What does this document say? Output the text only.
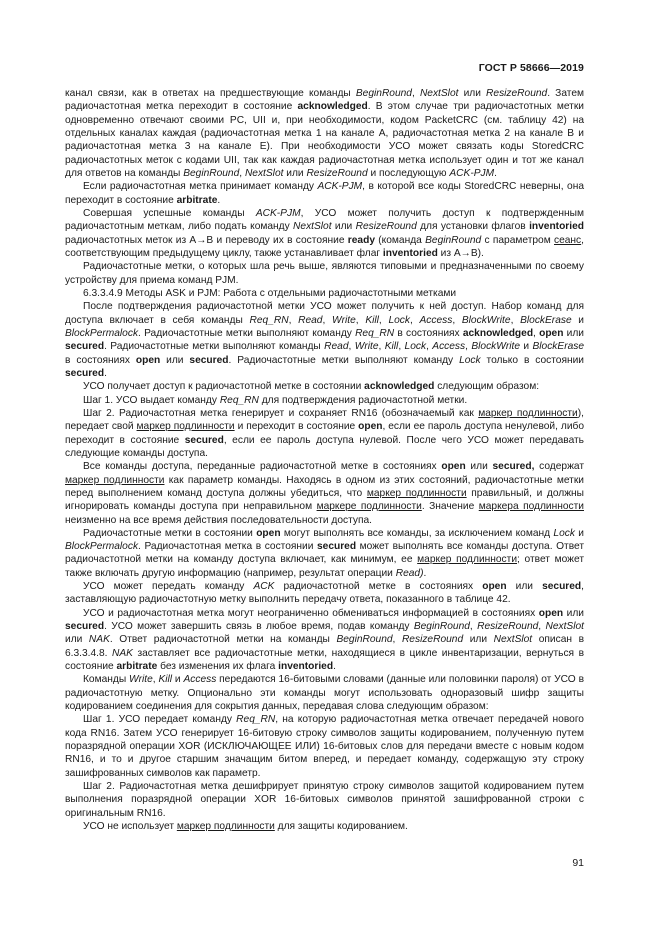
ГОСТ Р 58666—2019

канал связи, как в ответах на предшествующие команды BeginRound, NextSlot или ResizeRound. Затем радиочастотная метка переходит в состояние acknowledged. В этом случае три радиочастотных метки одновременно отвечают своими PC, UII и, при необходимости, кодом PacketCRC (см. таблицу 42) на отдельных каналах каждая (радиочастотная метка 1 на канале A, радиочастотная метка 2 на канале B и радиочастотная метка 3 на канале E). При необходимости УСО может связать коды StoredCRC радиочастотных меток с кодами UII, так как каждая радиочастотная метка использует один и тот же канал для ответов на команды BeginRound, NextSlot или ResizeRound и последующую ACK-PJM.

Если радиочастотная метка принимает команду ACK-PJM, в которой все коды StoredCRC неверны, она переходит в состояние arbitrate.

Совершая успешные команды ACK-PJM, УСО может получить доступ к подтвержденным радиочастотным меткам, либо подать команду NextSlot или ResizeRound для установки флагов inventoried радиочастотных меток из A→B и переводу их в состояние ready (команда BeginRound с параметром сеанс, соответствующим предыдущему циклу, также устанавливает флаг inventoried из A→B).

Радиочастотные метки, о которых шла речь выше, являются типовыми и предназначенными по своему устройству для приема команд PJM.

6.3.3.4.9 Методы ASK и PJM: Работа с отдельными радиочастотными метками

После подтверждения радиочастотной метки УСО может получить к ней доступ. Набор команд для доступа включает в себя команды Req_RN, Read, Write, Kill, Lock, Access, BlockWrite, BlockErase и BlockPermalock. Радиочастотные метки выполняют команду Req_RN в состояниях acknowledged, open или secured. Радиочастотные метки выполняют команды Read, Write, Kill, Lock, Access, BlockWrite и BlockErase в состояниях open или secured. Радиочастотные метки выполняют команду Lock только в состоянии secured.

УСО получает доступ к радиочастотной метке в состоянии acknowledged следующим образом:

Шаг 1. УСО выдает команду Req_RN для подтверждения радиочастотной метки.

Шаг 2. Радиочастотная метка генерирует и сохраняет RN16 (обозначаемый как маркер подлинности), передает свой маркер подлинности и переходит в состояние open, если ее пароль доступа ненулевой, либо переходит в состояние secured, если ее пароль доступа нулевой. После чего УСО может передавать следующие команды доступа.

Все команды доступа, переданные радиочастотной метке в состояниях open или secured, содержат маркер подлинности как параметр команды. Находясь в одном из этих состояний, радиочастотные метки перед выполнением команд доступа должны убедиться, что маркер подлинности правильный, и должны игнорировать команды доступа при неправильном маркере подлинности. Значение маркера подлинности неизменно на все время действия последовательности доступа.

Радиочастотные метки в состоянии open могут выполнять все команды, за исключением команд Lock и BlockPermalock. Радиочастотная метка в состоянии secured может выполнять все команды доступа. Ответ радиочастотной метки на команду доступа включает, как минимум, ее маркер подлинности; ответ может также включать другую информацию (например, результат операции Read).

УСО может передать команду ACK радиочастотной метке в состояниях open или secured, заставляющую радиочастотную метку выполнить передачу ответа, показанного в таблице 42.

УСО и радиочастотная метка могут неограниченно обмениваться информацией в состояниях open или secured. УСО может завершить связь в любое время, подав команду BeginRound, ResizeRound, NextSlot или NAK. Ответ радиочастотной метки на команды BeginRound, ResizeRound или NextSlot описан в 6.3.3.4.8. NAK заставляет все радиочастотные метки, находящиеся в цикле инвентаризации, вернуться в состояние arbitrate без изменения их флага inventoried.

Команды Write, Kill и Access передаются 16-битовыми словами (данные или половинки пароля) от УСО в радиочастотную метку. Опционально эти команды могут использовать одноразовый шифр защиты кодированием соединения для сокрытия данных, передавая слова следующим образом:

Шаг 1. УСО передает команду Req_RN, на которую радиочастотная метка отвечает передачей нового кода RN16. Затем УСО генерирует 16-битовую строку символов защиты кодированием, полученную путем поразрядной операции XOR (ИСКЛЮЧАЮЩЕЕ ИЛИ) 16-битовых слов для передачи вместе с новым кодом RN16, и то и другое старшим значащим битом вперед, и передает команду, содержащую эту строку зашифрованных символов как параметр.

Шаг 2. Радиочастотная метка дешифрирует принятую строку символов защитой кодированием путем выполнения поразрядной операции XOR 16-битовых символов принятой зашифрованной строки с оригинальным RN16.

УСО не использует маркер подлинности для защиты кодированием.

91
